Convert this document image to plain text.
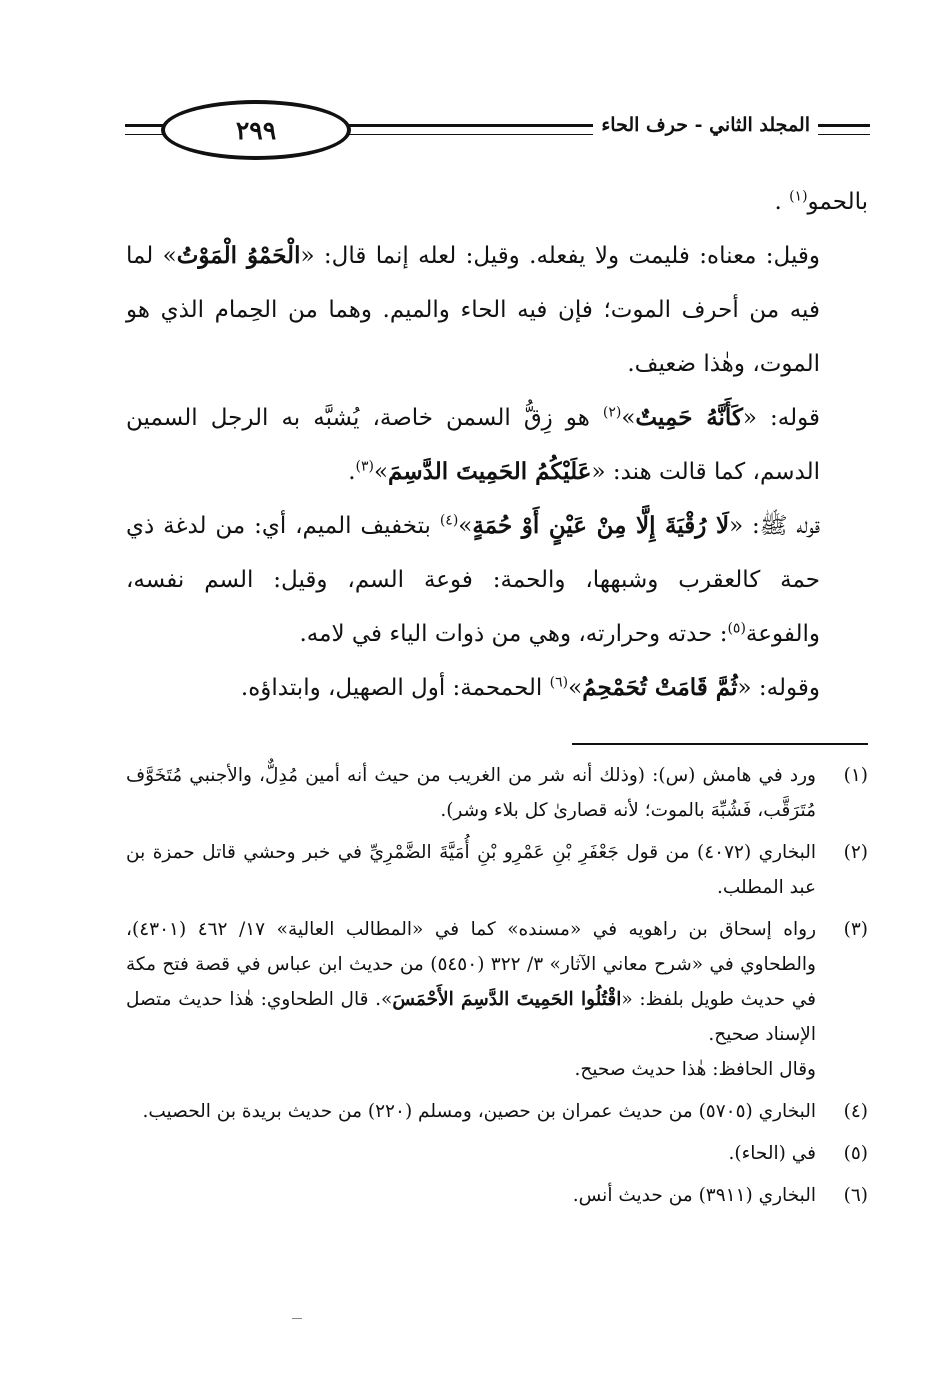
٢٩٩	المجلد الثاني - حرف الحاء

بالحمو$^{(١)}$ .

وقيل: معناه: فليمت ولا يفعله. وقيل: لعله إنما قال: «الْحَمْوُ الْمَوْتُ» لما فيه من أحرف الموت؛ فإن فيه الحاء والميم. وهما من الحِمام الذي هو الموت، وهٰذا ضعيف.

قوله: «كَأَنَّهُ حَمِيتٌ»$^{(٢)}$ هو زِقُّ السمن خاصة، يُشبَّه به الرجل السمين الدسم، كما قالت هند: «عَلَيْكُمُ الحَمِيتَ الدَّسِمَ»$^{(٣)}$.

قوله ﷺ: «لَا رُقْيَةَ إِلَّا مِنْ عَيْنٍ أَوْ حُمَةٍ»$^{(٤)}$ بتخفيف الميم، أي: من لدغة ذي حمة كالعقرب وشبهها، والحمة: فوعة السم، وقيل: السم نفسه، والفوعة$^{(٥)}$: حدته وحرارته، وهي من ذوات الياء في لامه.

وقوله: «ثُمَّ قَامَتْ تُحَمْحِمُ»$^{(٦)}$ الحمحمة: أول الصهيل، وابتداؤه.

(١)
ورد في هامش (س): (وذلك أنه شر من الغريب من حيث أنه أمين مُدِلٌّ، والأجنبي مُتَخَوَّف مُتَرَقَّب، فَشُبِّهَ بالموت؛ لأنه قصارىٰ كل بلاء وشر).
(٢)
البخاري (٤٠٧٢) من قول جَعْفَرِ بْنِ عَمْرِو بْنِ أُمَيَّةَ الضَّمْرِيِّ في خبر وحشي قاتل حمزة بن عبد المطلب.
(٣)
رواه إسحاق بن راهويه في «مسنده» كما في «المطالب العالية» ١٧/ ٤٦٢ (٤٣٠١)، والطحاوي في «شرح معاني الآثار» ٣/ ٣٢٢ (٥٤٥٠) من حديث ابن عباس في قصة فتح مكة في حديث طويل بلفظ: «اقْتُلُوا الحَمِيتَ الدَّسِمَ الأَحْمَسَ». قال الطحاوي: هٰذا حديث متصل الإسناد صحيح.
وقال الحافظ: هٰذا حديث صحيح.
(٤)
البخاري (٥٧٠٥) من حديث عمران بن حصين، ومسلم (٢٢٠) من حديث بريدة بن الحصيب.
(٥)
في (الحاء).
(٦)
البخاري (٣٩١١) من حديث أنس.
